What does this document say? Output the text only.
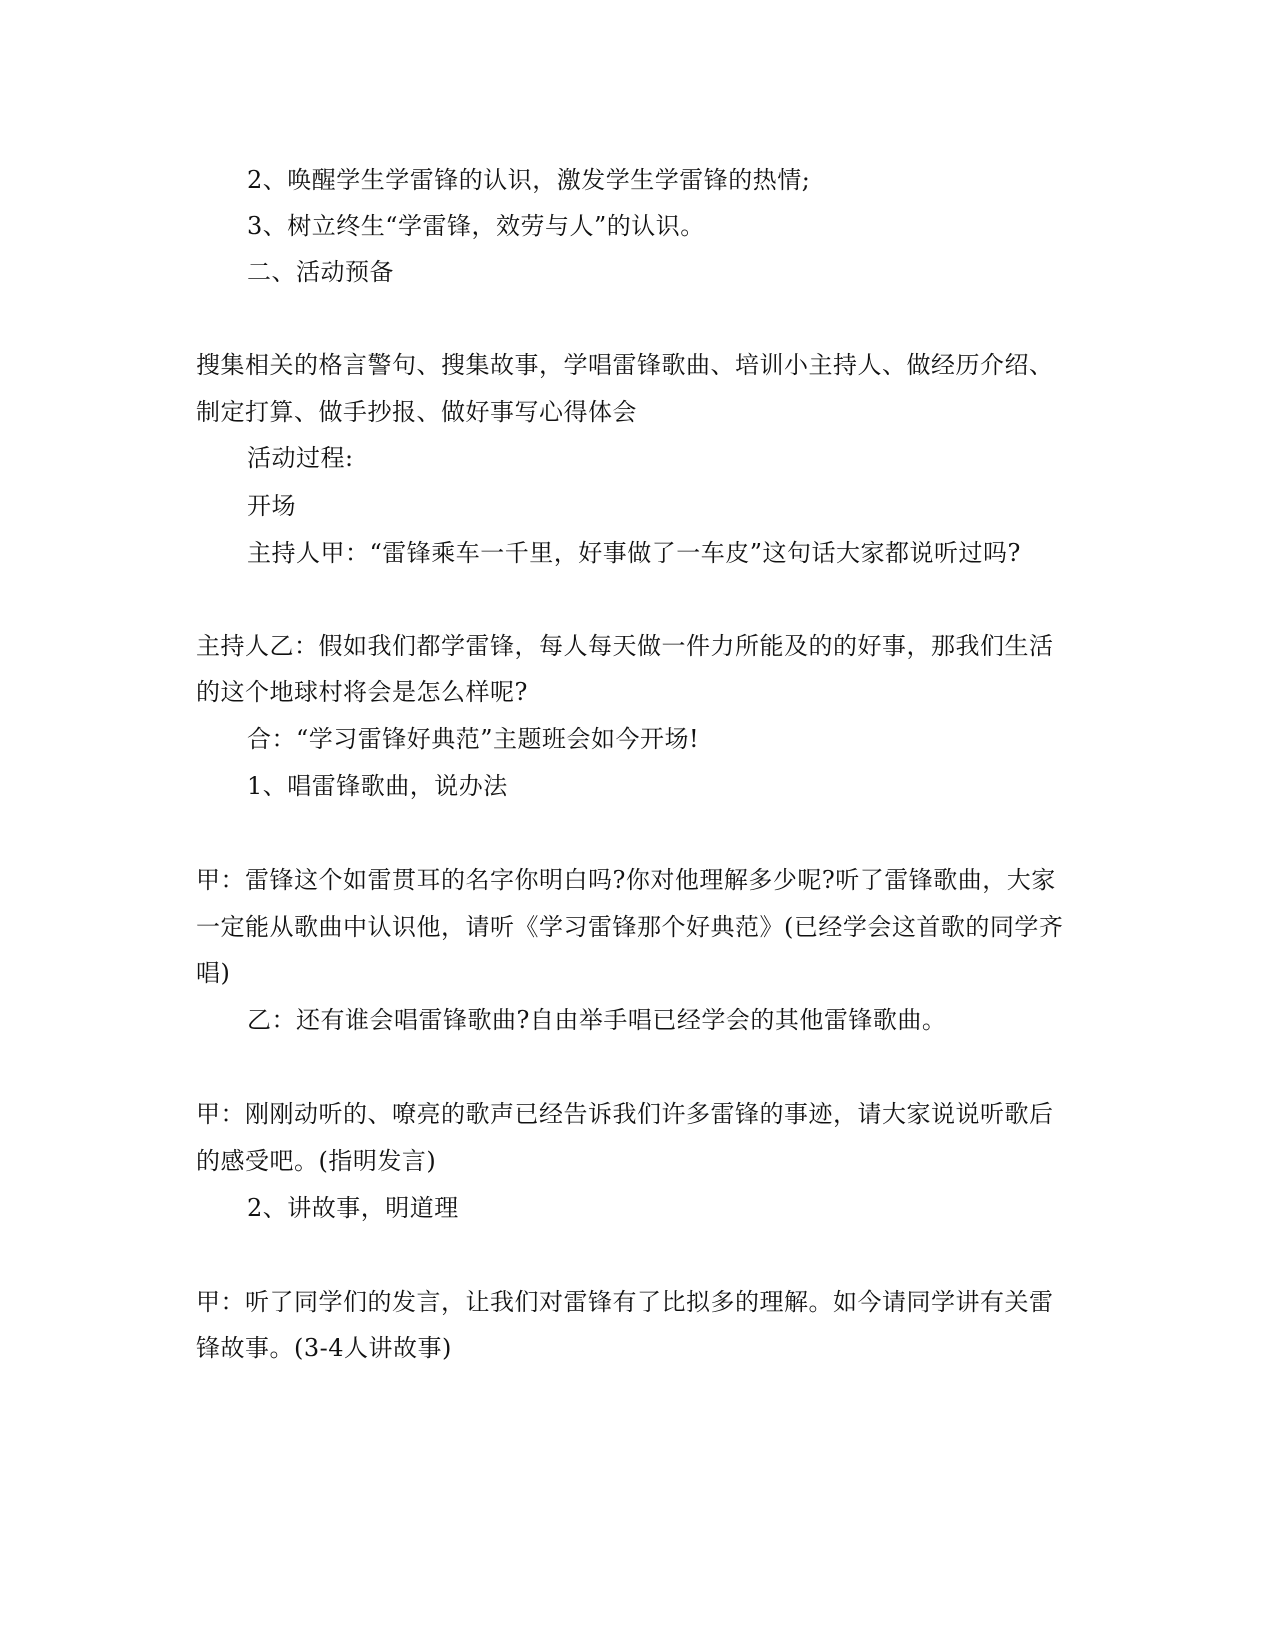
2、唤醒学生学雷锋的认识，激发学生学雷锋的热情;
3、树立终生“学雷锋，效劳与人”的认识。
二、活动预备
搜集相关的格言警句、搜集故事，学唱雷锋歌曲、培训小主持人、做经历介绍、
制定打算、做手抄报、做好事写心得体会
活动过程:
开场
主持人甲：“雷锋乘车一千里，好事做了一车皮”这句话大家都说听过吗?
主持人乙：假如我们都学雷锋，每人每天做一件力所能及的的好事，那我们生活
的这个地球村将会是怎么样呢?
合：“学习雷锋好典范”主题班会如今开场!
1、唱雷锋歌曲，说办法
甲：雷锋这个如雷贯耳的名字你明白吗?你对他理解多少呢?听了雷锋歌曲，大家
一定能从歌曲中认识他，请听《学习雷锋那个好典范》(已经学会这首歌的同学齐
唱)
乙：还有谁会唱雷锋歌曲?自由举手唱已经学会的其他雷锋歌曲。
甲：刚刚动听的、嘹亮的歌声已经告诉我们许多雷锋的事迹，请大家说说听歌后
的感受吧。(指明发言)
2、讲故事，明道理
甲：听了同学们的发言，让我们对雷锋有了比拟多的理解。如今请同学讲有关雷
锋故事。(3-4人讲故事)
